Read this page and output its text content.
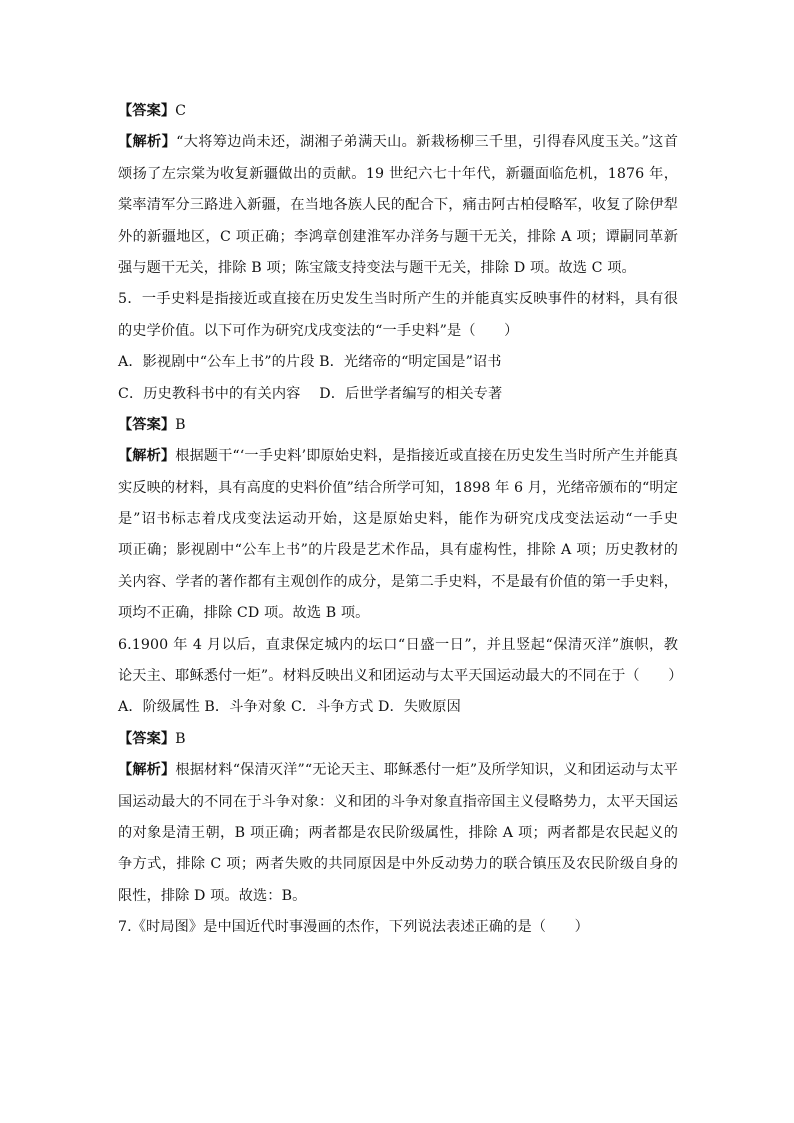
【答案】C
【解析】“大将筹边尚未还，湖湘子弟满天山。新栽杨柳三千里，引得春风度玉关。”这首
颂扬了左宗棠为收复新疆做出的贡献。19 世纪六七十年代，新疆面临危机，1876 年，
棠率清军分三路进入新疆，在当地各族人民的配合下，痛击阿古柏侵略军，收复了除伊犁
外的新疆地区，C 项正确；李鸿章创建淮军办洋务与题干无关，排除 A 项；谭嗣同革新
强与题干无关，排除 B 项；陈宝箴支持变法与题干无关，排除 D 项。故选 C 项。
5．一手史料是指接近或直接在历史发生当时所产生的并能真实反映事件的材料，具有很
的史学价值。以下可作为研究戊戌变法的“一手史料”是（　　）
A．影视剧中“公车上书”的片段 B．光绪帝的“明定国是”诏书
C．历史教科书中的有关内容　 D．后世学者编写的相关专著
【答案】B
【解析】根据题干“‘一手史料’即原始史料，是指接近或直接在历史发生当时所产生并能真
实反映的材料，具有高度的史料价值”结合所学可知，1898 年 6 月，光绪帝颁布的“明定
是”诏书标志着戊戌变法运动开始，这是原始史料，能作为研究戊戌变法运动“一手史
项正确；影视剧中“公车上书”的片段是艺术作品，具有虚构性，排除 A 项；历史教材的
关内容、学者的著作都有主观创作的成分，是第二手史料，不是最有价值的第一手史料，
项均不正确，排除 CD 项。故选 B 项。
6.1900 年 4 月以后，直隶保定城内的坛口“日盛一日”，并且竖起“保清灭洋”旗帜，教
论天主、耶稣悉付一炬”。材料反映出义和团运动与太平天国运动最大的不同在于（　　）
A．阶级属性 B．斗争对象 C．斗争方式 D．失败原因
【答案】B
【解析】根据材料“保清灭洋”“无论天主、耶稣悉付一炬”及所学知识，义和团运动与太平
国运动最大的不同在于斗争对象：义和团的斗争对象直指帝国主义侵略势力，太平天国运
的对象是清王朝，B 项正确；两者都是农民阶级属性，排除 A 项；两者都是农民起义的
争方式，排除 C 项；两者失败的共同原因是中外反动势力的联合镇压及农民阶级自身的
限性，排除 D 项。故选：B。
7.《时局图》是中国近代时事漫画的杰作，下列说法表述正确的是（　　）
